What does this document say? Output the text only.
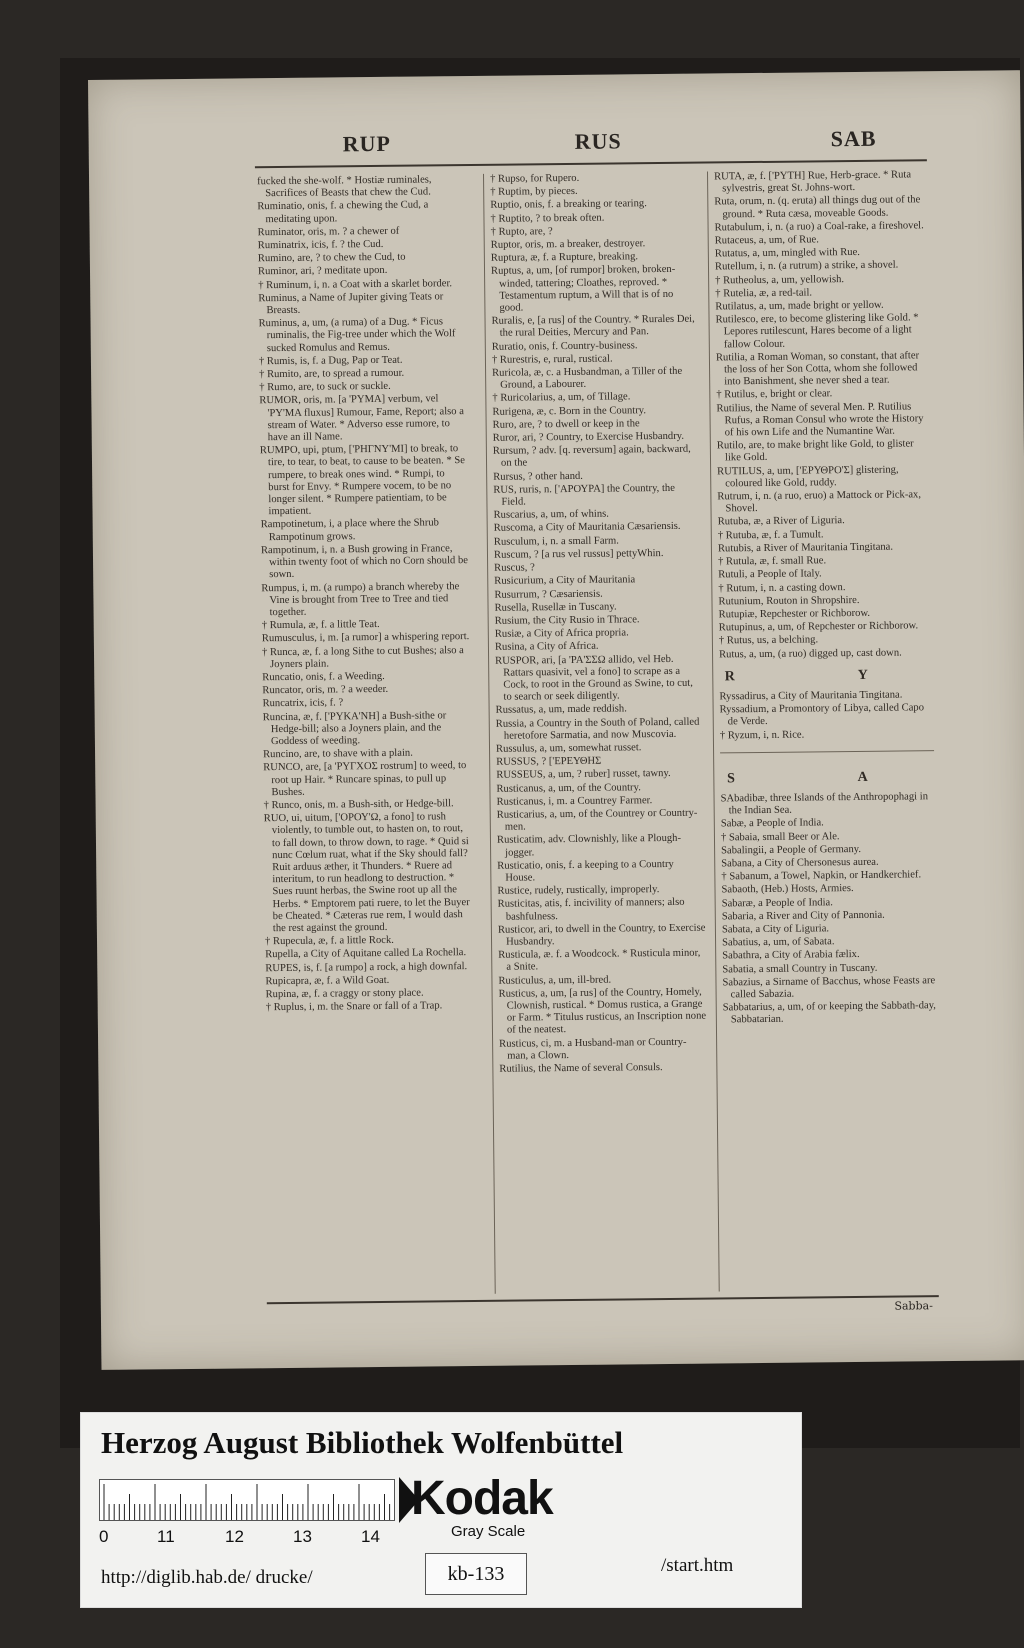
RUP	RUS	SAB
fucked the she-wolf. * Hostiæ ruminales, Sacrifices of Beasts that chew the Cud.
Ruminatio, onis, f. a chewing the Cud, a meditating upon.
Ruminator, oris, m. ? a chewer of
Ruminatrix, icis, f. ? the Cud.
Rumino, are, ? to chew the Cud, to
Ruminor, ari, ? meditate upon.
† Ruminum, i, n. a Coat with a skarlet border.
Ruminus, a Name of Jupiter giving Teats or Breasts.
Ruminus, a, um, (a ruma) of a Dug. * Ficus ruminalis, the Fig-tree under which the Wolf sucked Romulus and Remus.
† Rumis, is, f. a Dug, Pap or Teat.
† Rumito, are, to spread a rumour.
† Rumo, are, to suck or suckle.
RUMOR, oris, m. [a 'ΡΥΜΑ] verbum, vel 'ΡΥ'ΜΑ fluxus] Rumour, Fame, Report; also a stream of Water. * Adverso esse rumore, to have an ill Name.
RUMPO, upi, ptum, ['ΡΗΓΝΥ'ΜΙ] to break, to tire, to tear, to beat, to cause to be beaten. * Se rumpere, to break ones wind. * Rumpi, to burst for Envy. * Rumpere vocem, to be no longer silent. * Rumpere patientiam, to be impatient.
Rampotinetum, i, a place where the Shrub Rampotinum grows.
Rampotinum, i, n. a Bush growing in France, within twenty foot of which no Corn should be sown.
Rumpus, i, m. (a rumpo) a branch whereby the Vine is brought from Tree to Tree and tied together.
† Rumula, æ, f. a little Teat.
Rumusculus, i, m. [a rumor] a whispering report.
† Runca, æ, f. a long Sithe to cut Bushes; also a Joyners plain.
Runcatio, onis, f. a Weeding.
Runcator, oris, m. ? a weeder.
Runcatrix, icis, f. ?
Runcina, æ, f. ['ΡΥΚΑ'ΝΗ] a Bush-sithe or Hedge-bill; also a Joyners plain, and the Goddess of weeding.
Runcino, are, to shave with a plain.
RUNCO, are, [a 'ΡΥΓΧΟΣ rostrum] to weed, to root up Hair. * Runcare spinas, to pull up Bushes.
† Runco, onis, m. a Bush-sith, or Hedge-bill.
RUO, ui, uitum, ['ΟΡΟΥ'Ω, a fono] to rush violently, to tumble out, to hasten on, to rout, to fall down, to throw down, to rage. * Quid si nunc Cœlum ruat, what if the Sky should fall? Ruit arduus æther, it Thunders. * Ruere ad interitum, to run headlong to destruction. * Sues ruunt herbas, the Swine root up all the Herbs. * Emptorem pati ruere, to let the Buyer be Cheated. * Cæteras rue rem, I would dash the rest against the ground.
† Rupecula, æ, f. a little Rock.
Rupella, a City of Aquitane called La Rochella.
RUPES, is, f. [a rumpo] a rock, a high downfal.
Rupicapra, æ, f. a Wild Goat.
Rupina, æ, f. a craggy or stony place.
† Ruplus, i, m. the Snare or fall of a Trap.
† Rupso, for Rupero.
† Ruptim, by pieces.
Ruptio, onis, f. a breaking or tearing.
† Ruptito, ? to break often.
† Rupto, are, ?
Ruptor, oris, m. a breaker, destroyer.
Ruptura, æ, f. a Rupture, breaking.
Ruptus, a, um, [of rumpor] broken, broken-winded, tattering; Cloathes, reproved. * Testamentum ruptum, a Will that is of no good.
Ruralis, e, [a rus] of the Country. * Rurales Dei, the rural Deities, Mercury and Pan.
Ruratio, onis, f. Country-business.
† Rurestris, e, rural, rustical.
Ruricola, æ, c. a Husbandman, a Tiller of the Ground, a Labourer.
† Ruricolarius, a, um, of Tillage.
Rurigena, æ, c. Born in the Country.
Ruro, are, ? to dwell or keep in the
Ruror, ari, ? Country, to Exercise Husbandry.
Rursum, ? adv. [q. reversum] again, backward, on the
Rursus, ? other hand.
RUS, ruris, n. ['ΑΡΟΥΡΑ] the Country, the Field.
Ruscarius, a, um, of whins.
Ruscoma, a City of Mauritania Cæsariensis.
Rusculum, i, n. a small Farm.
Ruscum, ? [a rus vel russus] pettyWhin.
Ruscus, ?
Rusicurium, a City of Mauritania
Rusurrum, ? Cæsariensis.
Rusella, Rusellæ in Tuscany.
Rusium, the City Rusio in Thrace.
Rusiæ, a City of Africa propria.
Rusina, a City of Africa.
RUSPOR, ari, [a 'ΡΑ'ΣΣΩ allido, vel Heb. Rattars quasivit, vel a fono] to scrape as a Cock, to root in the Ground as Swine, to cut, to search or seek diligently.
Russatus, a, um, made reddish.
Russia, a Country in the South of Poland, called heretofore Sarmatia, and now Muscovia.
Russulus, a, um, somewhat russet.
RUSSUS, ? ['ΕΡΕΥΘΗΣ
RUSSEUS, a, um, ? ruber] russet, tawny.
Rusticanus, a, um, of the Country.
Rusticanus, i, m. a Countrey Farmer.
Rusticarius, a, um, of the Countrey or Country-men.
Rusticatim, adv. Clownishly, like a Plough-jogger.
Rusticatio, onis, f. a keeping to a Country House.
Rustice, rudely, rustically, improperly.
Rusticitas, atis, f. incivility of manners; also bashfulness.
Rusticor, ari, to dwell in the Country, to Exercise Husbandry.
Rusticula, æ. f. a Woodcock. * Rusticula minor, a Snite.
Rusticulus, a, um, ill-bred.
Rusticus, a, um, [a rus] of the Country, Homely, Clownish, rustical. * Domus rustica, a Grange or Farm. * Titulus rusticus, an Inscription none of the neatest.
Rusticus, ci, m. a Husband-man or Country-man, a Clown.
Rutilius, the Name of several Consuls.
RUTA, æ, f. ['ΡΥΤΗ] Rue, Herb-grace. * Ruta sylvestris, great St. Johns-wort.
Ruta, orum, n. (q. eruta) all things dug out of the ground. * Ruta cæsa, moveable Goods.
Rutabulum, i, n. (a ruo) a Coal-rake, a fireshovel.
Rutaceus, a, um, of Rue.
Rutatus, a, um, mingled with Rue.
Rutellum, i, n. (a rutrum) a strike, a shovel.
† Rutheolus, a, um, yellowish.
† Rutelia, æ, a red-tail.
Rutilatus, a, um, made bright or yellow.
Rutilesco, ere, to become glistering like Gold. * Lepores rutilescunt, Hares become of a light fallow Colour.
Rutilia, a Roman Woman, so constant, that after the loss of her Son Cotta, whom she followed into Banishment, she never shed a tear.
† Rutilus, e, bright or clear.
Rutilius, the Name of several Men. P. Rutilius Rufus, a Roman Consul who wrote the History of his own Life and the Numantine War.
Rutilo, are, to make bright like Gold, to glister like Gold.
RUTILUS, a, um, ['ΕΡΥΘΡΟ'Σ] glistering, coloured like Gold, ruddy.
Rutrum, i, n. (a ruo, eruo) a Mattock or Pick-ax, Shovel.
Rutuba, æ, a River of Liguria.
† Rutuba, æ, f. a Tumult.
Rutubis, a River of Mauritania Tingitana.
† Rutula, æ, f. small Rue.
Rutuli, a People of Italy.
† Rutum, i, n. a casting down.
Rutunium, Routon in Shropshire.
Rutupiæ, Repchester or Richborow.
Rutupinus, a, um, of Repchester or Richborow.
† Rutus, us, a belching.
Rutus, a, um, (a ruo) digged up, cast down.
R Y
Ryssadirus, a City of Mauritania Tingitana.
Ryssadium, a Promontory of Libya, called Capo de Verde.
† Ryzum, i, n. Rice.
S A
SAbadibæ, three Islands of the Anthropophagi in the Indian Sea.
Sabæ, a People of India.
† Sabaia, small Beer or Ale.
Sabalingii, a People of Germany.
Sabana, a City of Chersonesus aurea.
† Sabanum, a Towel, Napkin, or Handkerchief.
Sabaoth, (Heb.) Hosts, Armies.
Sabaræ, a People of India.
Sabaria, a River and City of Pannonia.
Sabata, a City of Liguria.
Sabatius, a, um, of Sabata.
Sabathra, a City of Arabia fælix.
Sabatia, a small Country in Tuscany.
Sabazius, a Sirname of Bacchus, whose Feasts are called Sabazia.
Sabbatarius, a, um, of or keeping the Sabbath-day, Sabbatarian.
Sabba-
Herzog August Bibliothek Wolfenbüttel
0	11	12	13	14
Kodak
Gray Scale
kb-133
http://diglib.hab.de/ drucke/
/start.htm
